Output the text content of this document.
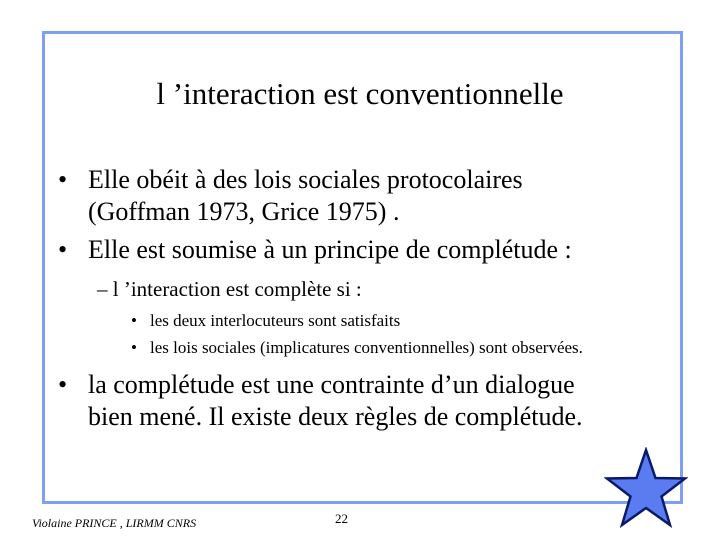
l ’interaction est conventionnelle
• Elle obéit à des lois sociales protocolaires
(Goffman 1973, Grice 1975) .
• Elle est soumise à un principe de complétude :
– l ’interaction est complète si :
• les deux interlocuteurs sont satisfaits
• les lois sociales (implicatures conventionnelles) sont observées.
• la complétude est une contrainte d’un dialogue
bien mené. Il existe deux règles de complétude.
Violaine PRINCE , LIRMM CNRS	22
